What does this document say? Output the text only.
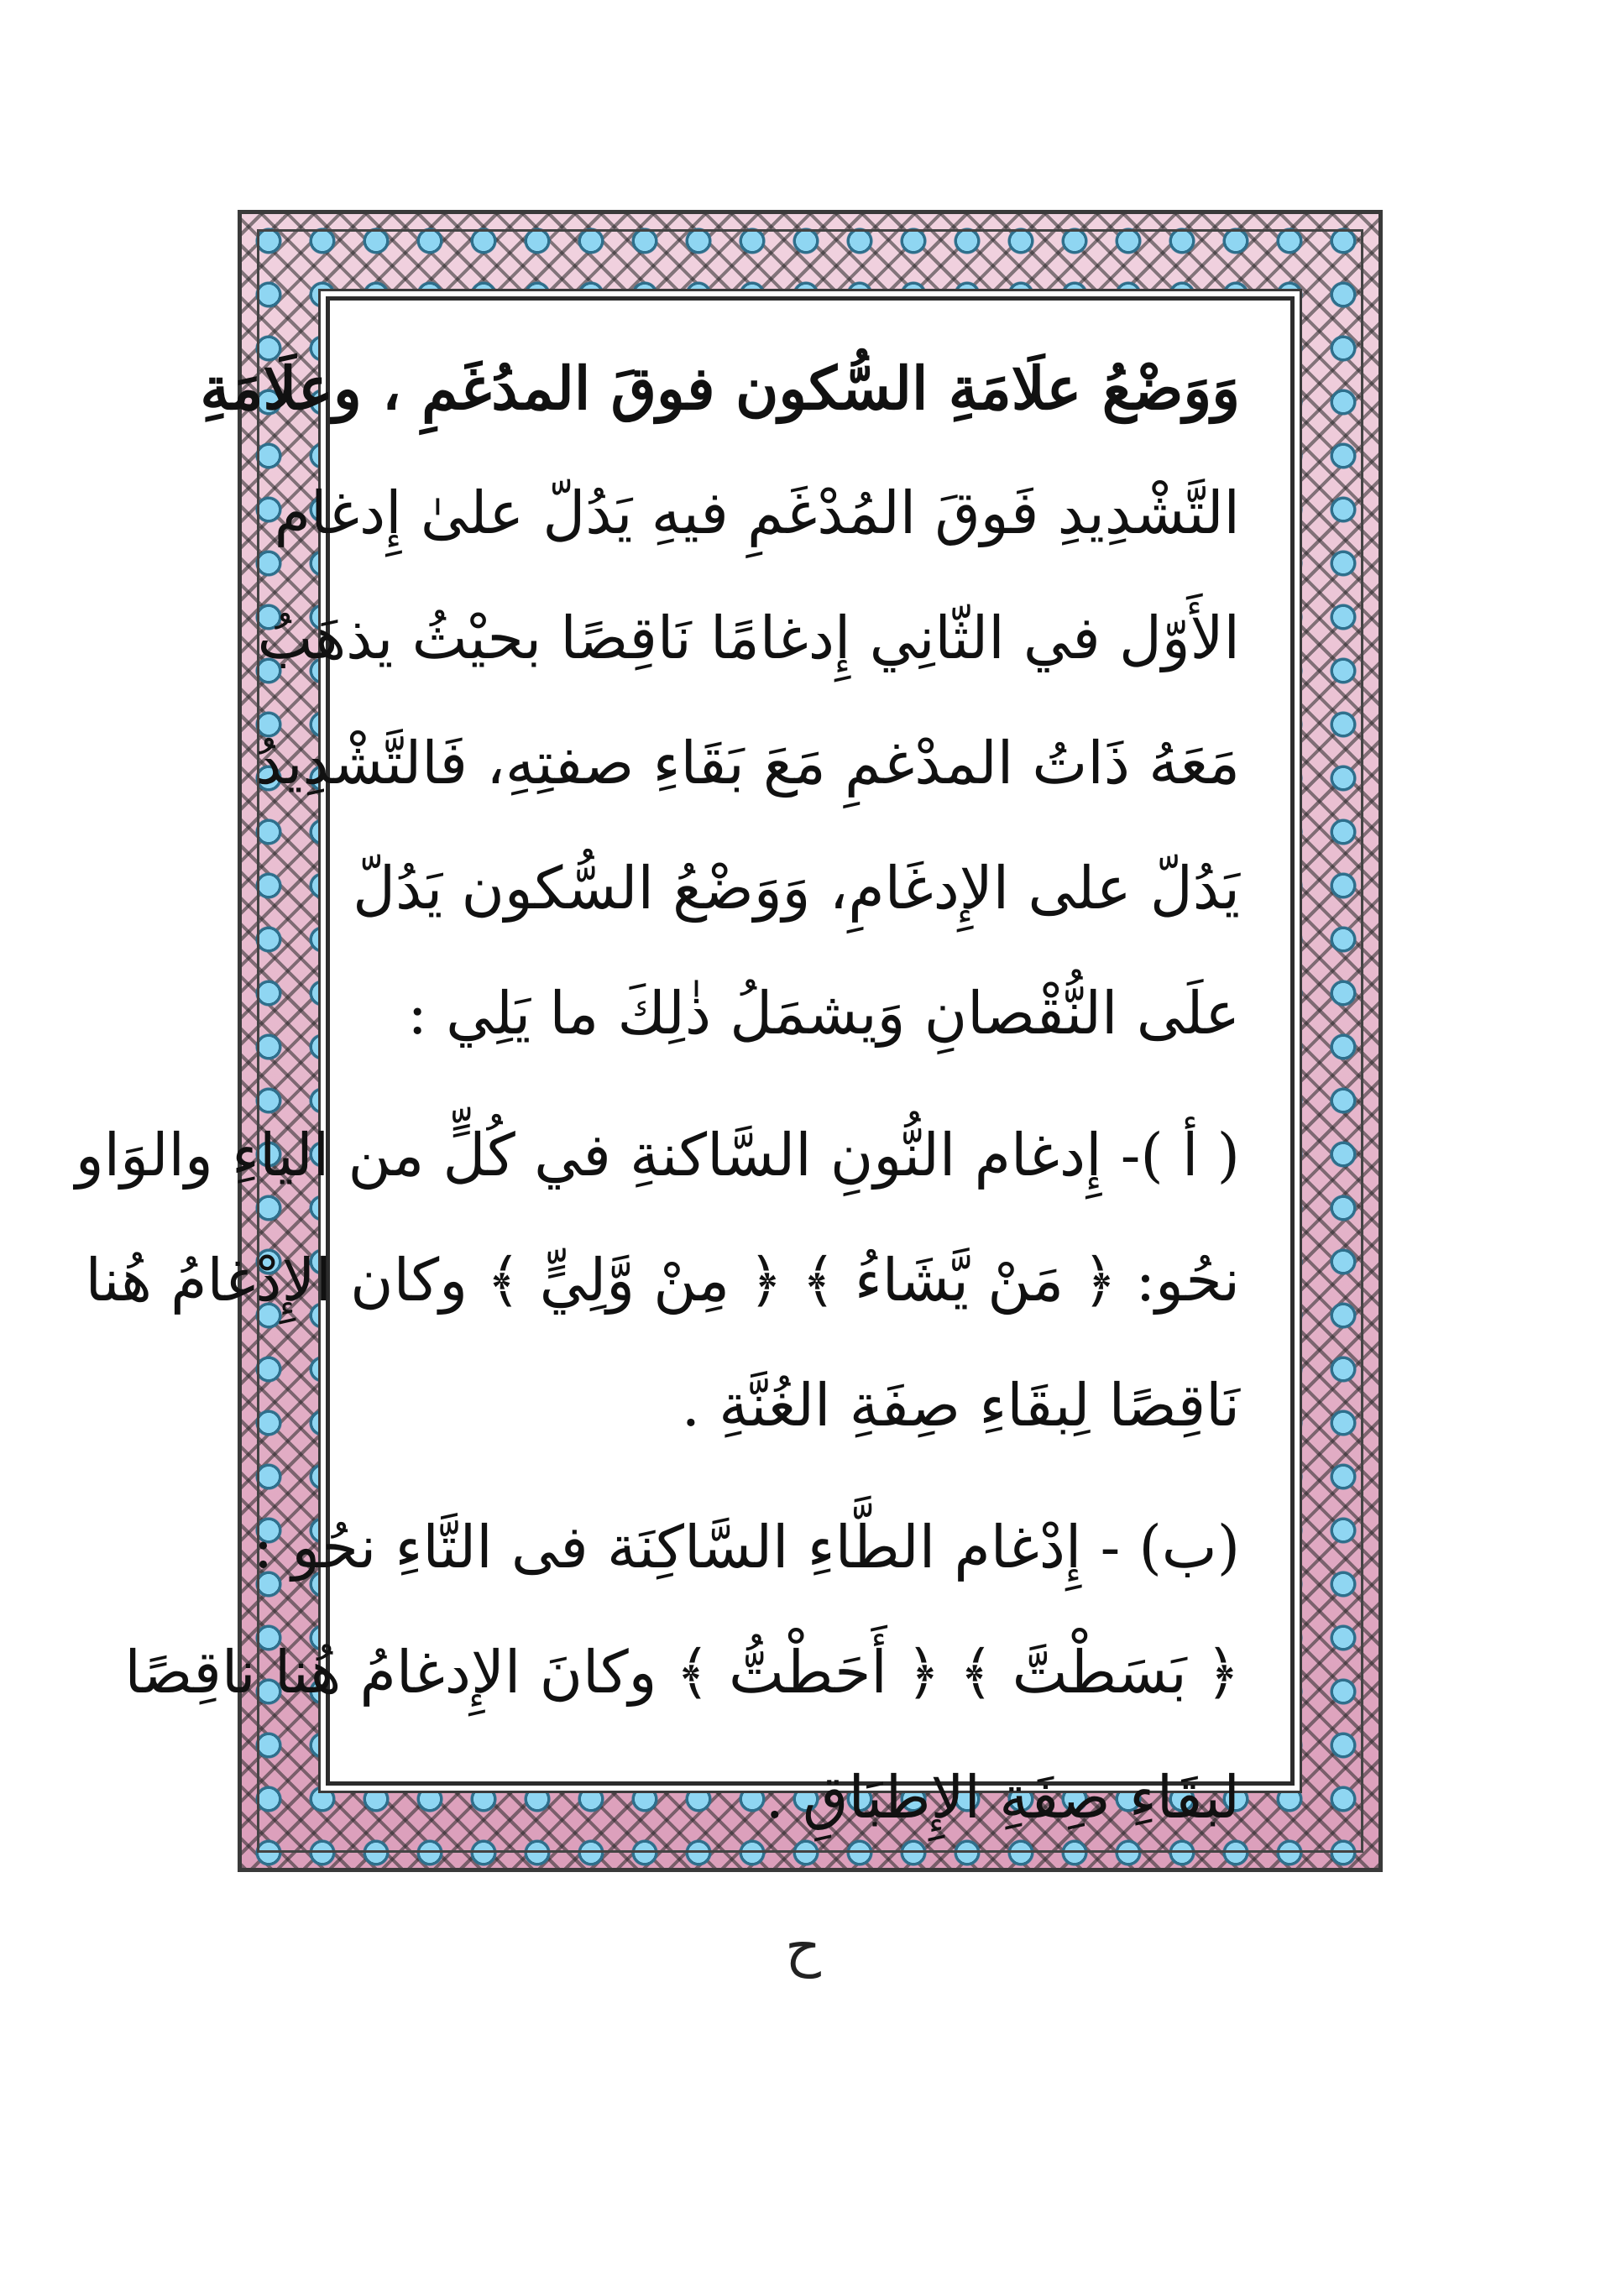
وَوَضْعُ علَامَةِ السُّكون فوقَ المدُغَمِ ، وعلَامَةِ
التَّشْدِيدِ فَوقَ المُدْغَمِ فيهِ يَدُلّ علىٰ إِدغام
الأَوّل في الثّانِي إِدغامًا نَاقِصًا بحيْثُ يذهَبُ
مَعَهُ ذَاتُ المدْغمِ مَعَ بَقَاءِ صفتِهِ، فَالتَّشْدِيدُ
يَدُلّ على الإِدغَامِ، وَوَضْعُ السُّكون يَدُلّ
علَى النُّقْصانِ وَيشمَلُ ذٰلِكَ ما يَلِي :
( أ )- إِدغام النُّونِ السَّاكنةِ في كُلٍّ من الياءِ والوَاو
نحُو: ﴿ مَنْ يَّشَاءُ ﴾ ﴿ مِنْ وَّلِيٍّ ﴾ وكان الإِدْغامُ هُنا
نَاقِصًا لِبقَاءِ صِفَةِ الغُنَّةِ .
(ب) - إِدْغام الطَّاءِ السَّاكِنَة فى التَّاءِ نحُو :
﴿ بَسَطْتَّ ﴾ ﴿ أَحَطْتُّ ﴾ وكانَ الإِدغامُ هُنا ناقِصًا
لبقَاءِ صِفَةِ الإِطبَاقِ .
ح
